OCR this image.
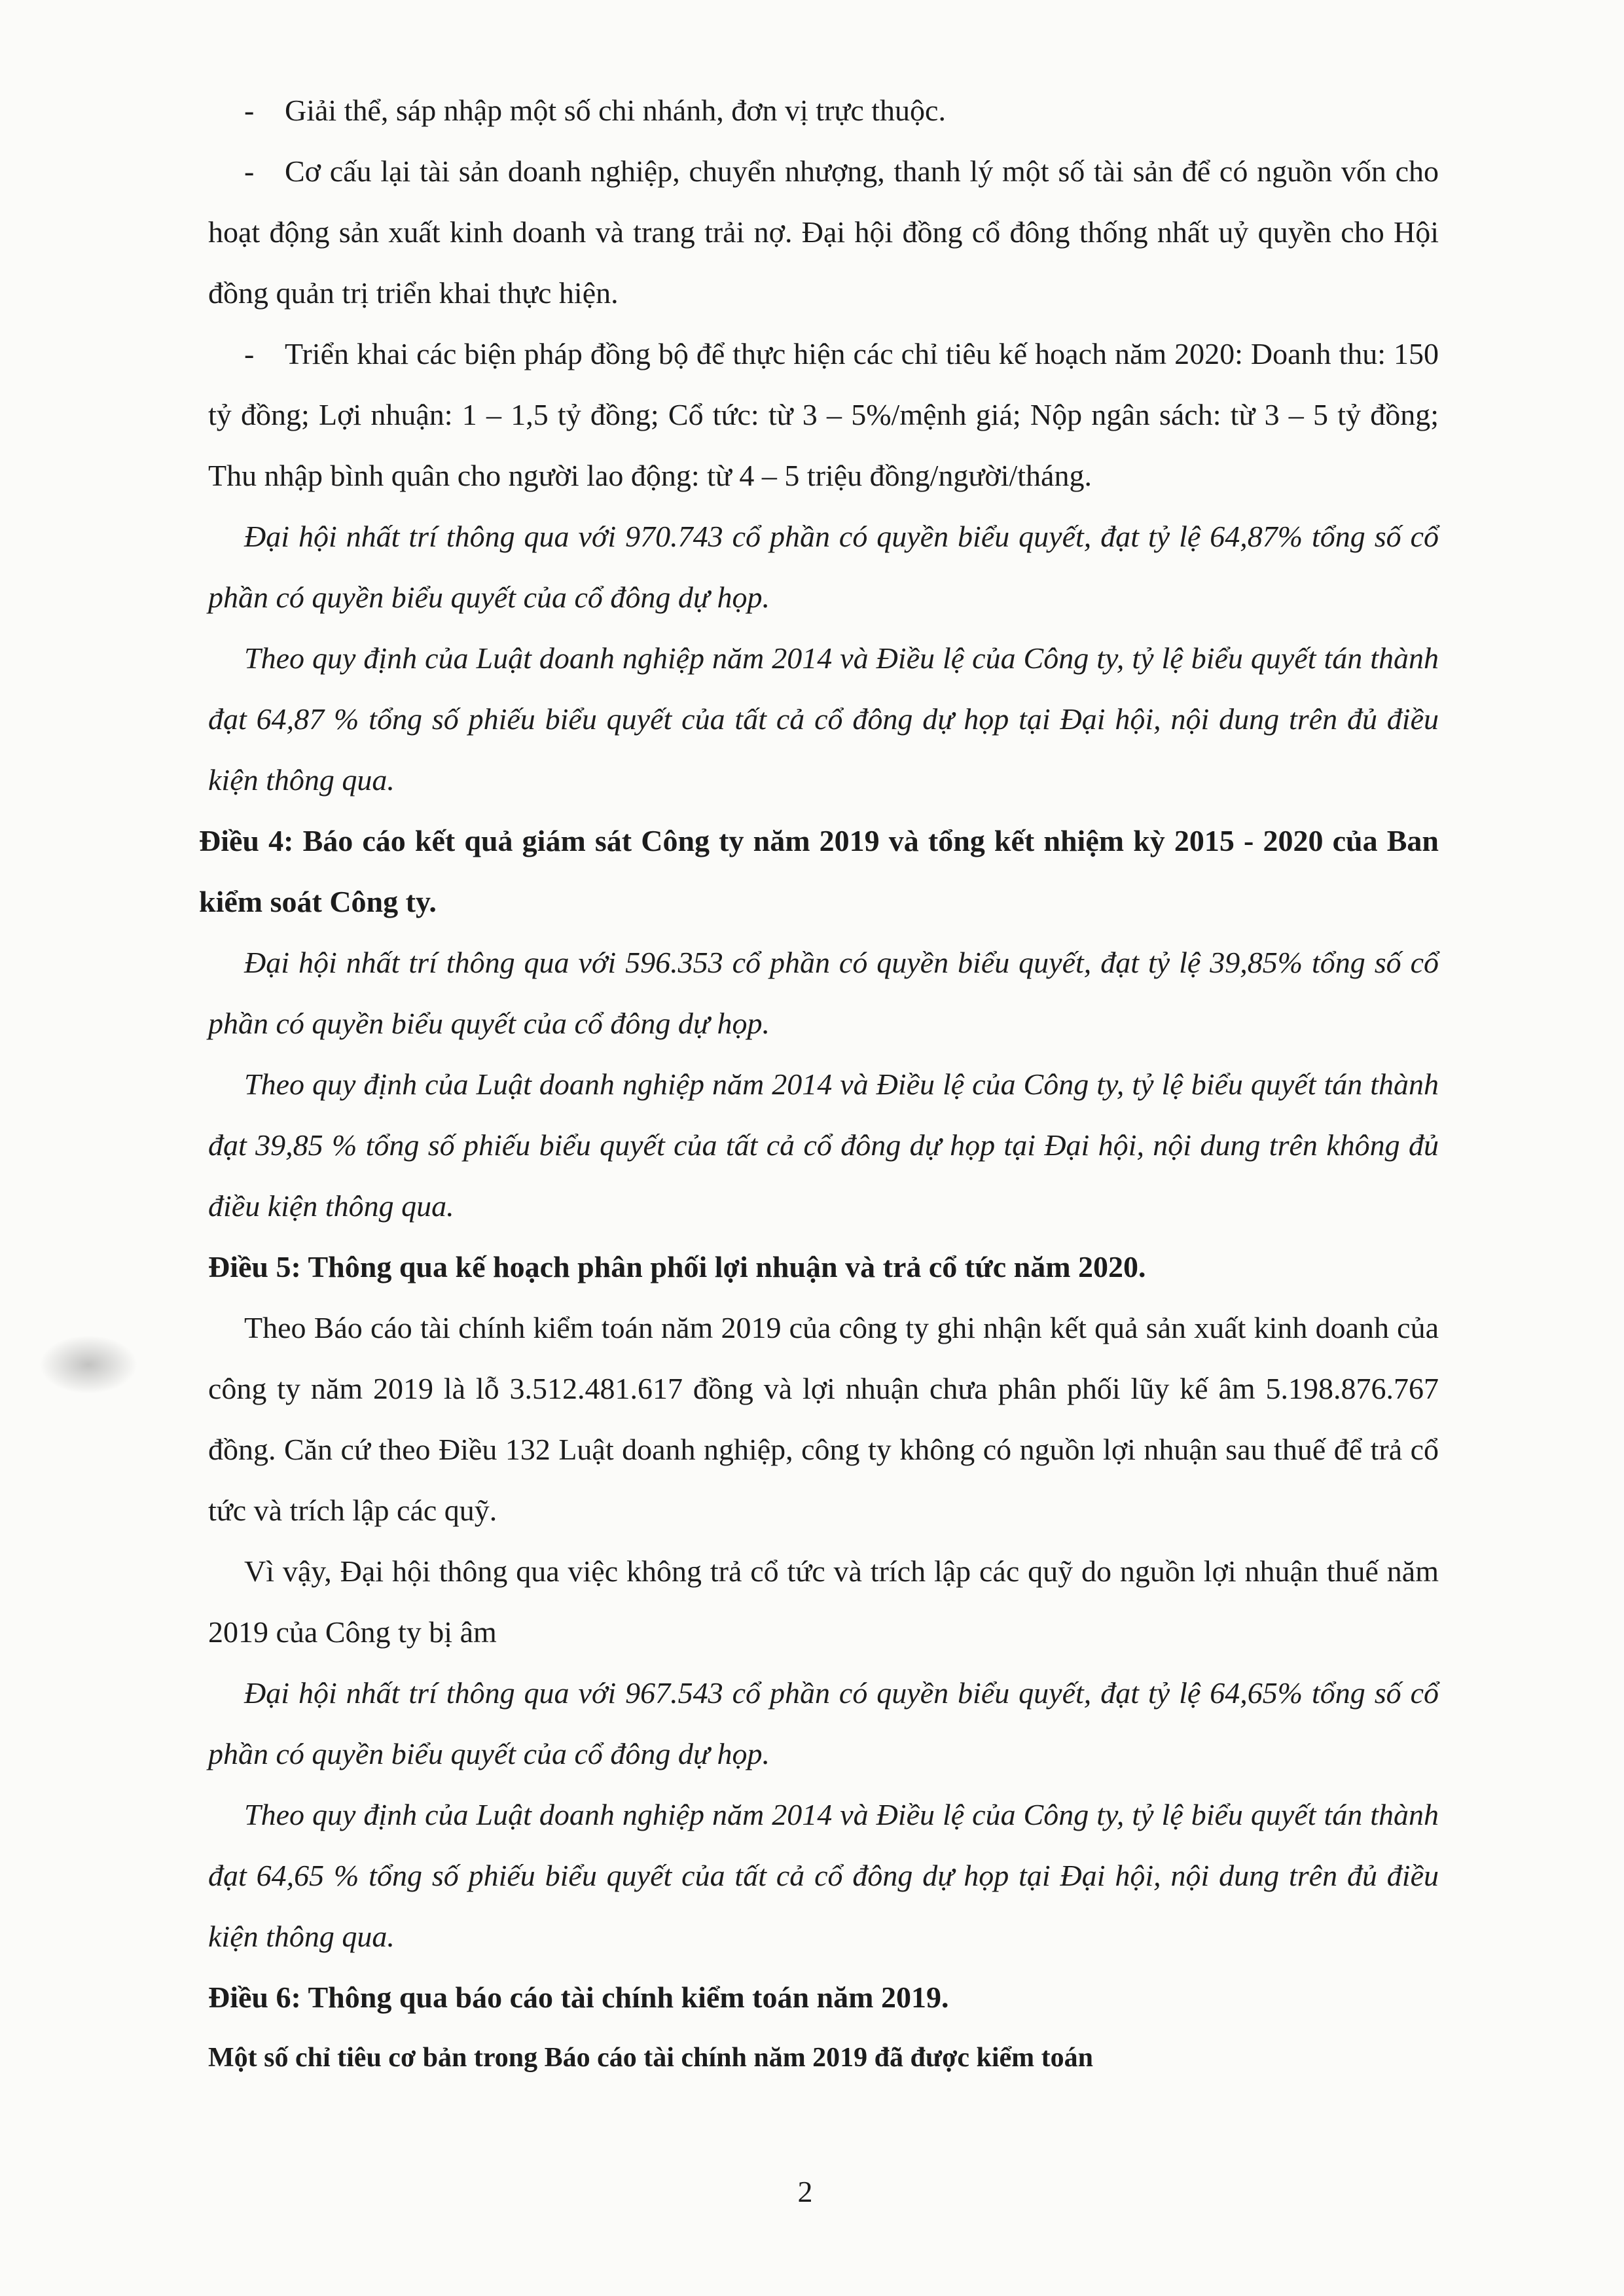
- Giải thể, sáp nhập một số chi nhánh, đơn vị trực thuộc.

- Cơ cấu lại tài sản doanh nghiệp, chuyển nhượng, thanh lý một số tài sản để có nguồn vốn cho hoạt động sản xuất kinh doanh và trang trải nợ. Đại hội đồng cổ đông thống nhất uỷ quyền cho Hội đồng quản trị triển khai thực hiện.

- Triển khai các biện pháp đồng bộ để thực hiện các chỉ tiêu kế hoạch năm 2020: Doanh thu: 150 tỷ đồng; Lợi nhuận: 1 – 1,5 tỷ đồng; Cổ tức: từ 3 – 5%/mệnh giá; Nộp ngân sách: từ 3 – 5 tỷ đồng; Thu nhập bình quân cho người lao động: từ 4 – 5 triệu đồng/người/tháng.

Đại hội nhất trí thông qua với 970.743 cổ phần có quyền biểu quyết, đạt tỷ lệ 64,87% tổng số cổ phần có quyền biểu quyết của cổ đông dự họp.

Theo quy định của Luật doanh nghiệp năm 2014 và Điều lệ của Công ty, tỷ lệ biểu quyết tán thành đạt 64,87 % tổng số phiếu biểu quyết của tất cả cổ đông dự họp tại Đại hội, nội dung trên đủ điều kiện thông qua.

Điều 4: Báo cáo kết quả giám sát Công ty năm 2019 và tổng kết nhiệm kỳ 2015 - 2020 của Ban kiểm soát Công ty.

Đại hội nhất trí thông qua với 596.353 cổ phần có quyền biểu quyết, đạt tỷ lệ 39,85% tổng số cổ phần có quyền biểu quyết của cổ đông dự họp.

Theo quy định của Luật doanh nghiệp năm 2014 và Điều lệ của Công ty, tỷ lệ biểu quyết tán thành đạt 39,85 % tổng số phiếu biểu quyết của tất cả cổ đông dự họp tại Đại hội, nội dung trên không đủ điều kiện thông qua.

Điều 5: Thông qua kế hoạch phân phối lợi nhuận và trả cổ tức năm 2020.

Theo Báo cáo tài chính kiểm toán năm 2019 của công ty ghi nhận kết quả sản xuất kinh doanh của công ty năm 2019 là lỗ 3.512.481.617 đồng và lợi nhuận chưa phân phối lũy kế âm 5.198.876.767 đồng. Căn cứ theo Điều 132 Luật doanh nghiệp, công ty không có nguồn lợi nhuận sau thuế để trả cổ tức và trích lập các quỹ.

Vì vậy, Đại hội thông qua việc không trả cổ tức và trích lập các quỹ do nguồn lợi nhuận thuế năm 2019 của Công ty bị âm

Đại hội nhất trí thông qua với 967.543 cổ phần có quyền biểu quyết, đạt tỷ lệ 64,65% tổng số cổ phần có quyền biểu quyết của cổ đông dự họp.

Theo quy định của Luật doanh nghiệp năm 2014 và Điều lệ của Công ty, tỷ lệ biểu quyết tán thành đạt 64,65 % tổng số phiếu biểu quyết của tất cả cổ đông dự họp tại Đại hội, nội dung trên đủ điều kiện thông qua.

Điều 6: Thông qua báo cáo tài chính kiểm toán năm 2019.

Một số chỉ tiêu cơ bản trong Báo cáo tài chính năm 2019 đã được kiểm toán

2
